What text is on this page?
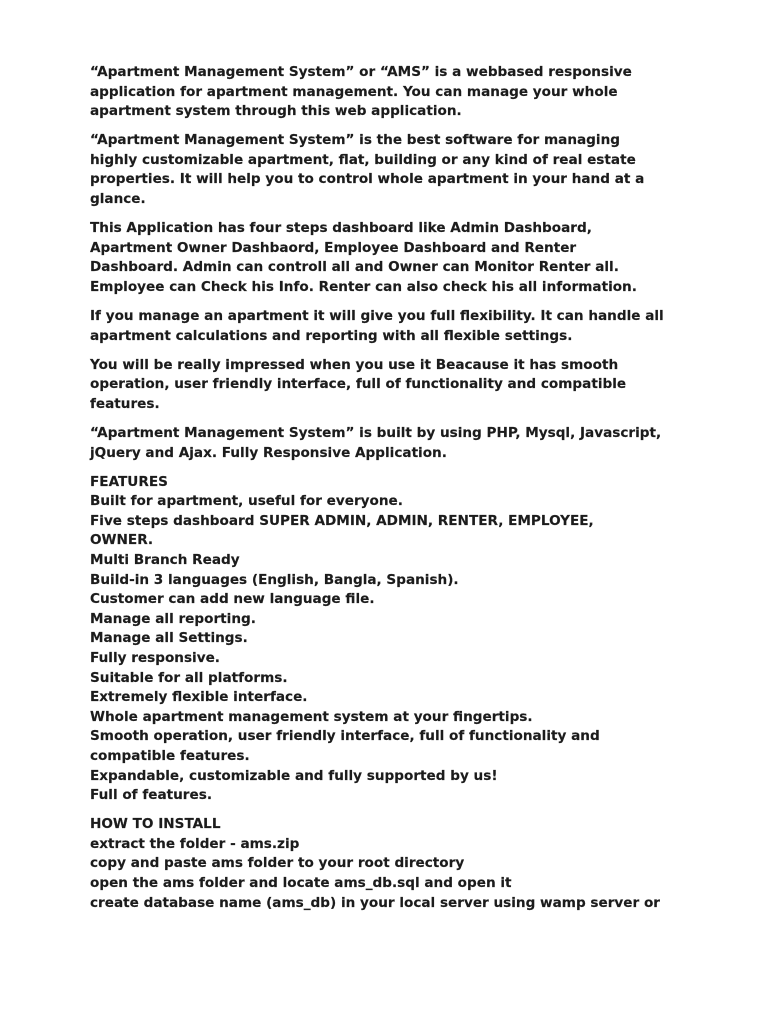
“Apartment Management System” or “AMS” is a webbased responsive
application for apartment management. You can manage your whole
apartment system through this web application.

“Apartment Management System” is the best software for managing
highly customizable apartment, flat, building or any kind of real estate
properties. It will help you to control whole apartment in your hand at a
glance.

This Application has four steps dashboard like Admin Dashboard,
Apartment Owner Dashbaord, Employee Dashboard and Renter
Dashboard. Admin can controll all and Owner can Monitor Renter all.
Employee can Check his Info. Renter can also check his all information.

If you manage an apartment it will give you full flexibility. It can handle all
apartment calculations and reporting with all flexible settings.

You will be really impressed when you use it Beacause it has smooth
operation, user friendly interface, full of functionality and compatible
features.

“Apartment Management System” is built by using PHP, Mysql, Javascript,
jQuery and Ajax. Fully Responsive Application.

FEATURES
Built for apartment, useful for everyone.
Five steps dashboard SUPER ADMIN, ADMIN, RENTER, EMPLOYEE,
OWNER.
Multi Branch Ready
Build-in 3 languages (English, Bangla, Spanish).
Customer can add new language file.
Manage all reporting.
Manage all Settings.
Fully responsive.
Suitable for all platforms.
Extremely flexible interface.
Whole apartment management system at your fingertips.
Smooth operation, user friendly interface, full of functionality and
compatible features.
Expandable, customizable and fully supported by us!
Full of features.
HOW TO INSTALL
extract the folder - ams.zip
copy and paste ams folder to your root directory
open the ams folder and locate ams_db.sql and open it
create database name (ams_db) in your local server using wamp server or
